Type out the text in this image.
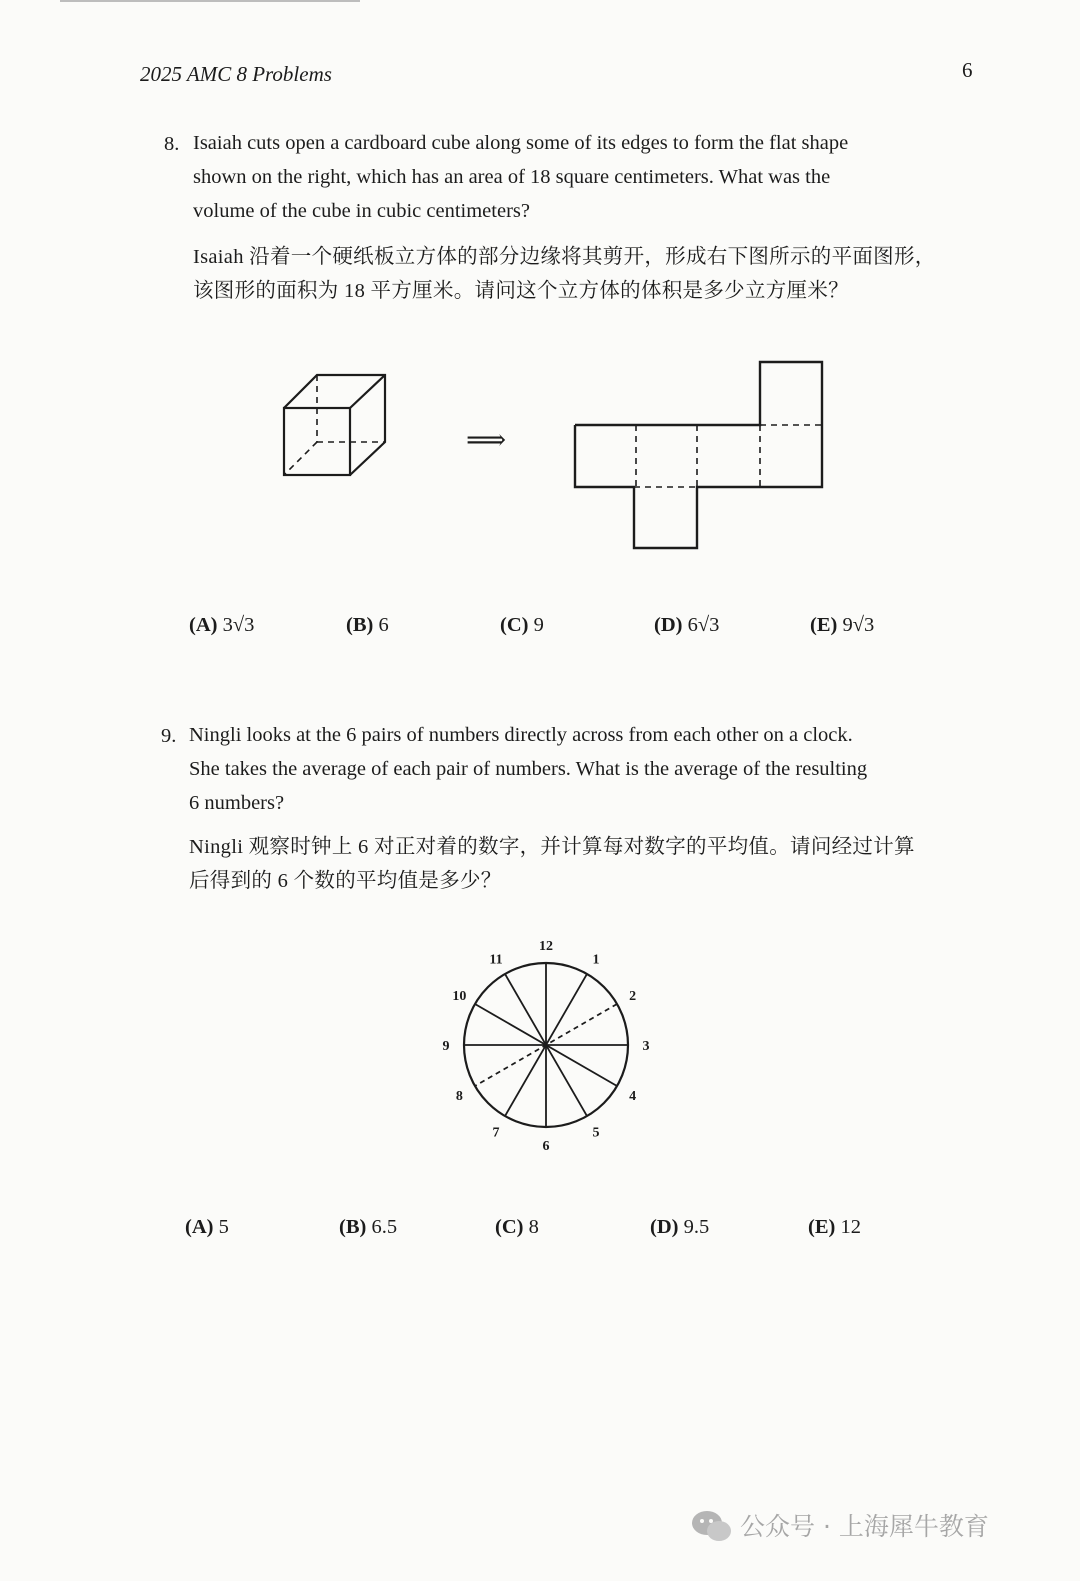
2025 AMC 8 Problems	6
8. Isaiah cuts open a cardboard cube along some of its edges to form the flat shape
shown on the right, which has an area of 18 square centimeters. What was the
volume of the cube in cubic centimeters?
Isaiah 沿着一个硬纸板立方体的部分边缘将其剪开，形成右下图所示的平面图形，
该图形的面积为 18 平方厘米。请问这个立方体的体积是多少立方厘米？
⟹
(A) 3√3	(B) 6	(C) 9	(D) 6√3	(E) 9√3
9. Ningli looks at the 6 pairs of numbers directly across from each other on a clock.
She takes the average of each pair of numbers. What is the average of the resulting
6 numbers?
Ningli 观察时钟上 6 对正对着的数字，并计算每对数字的平均值。请问经过计算
后得到的 6 个数的平均值是多少？
12
1
2
3
4
5
6
7
8
9
10
11
(A) 5	(B) 6.5	(C) 8	(D) 9.5	(E) 12
公众号 · 上海犀牛教育
